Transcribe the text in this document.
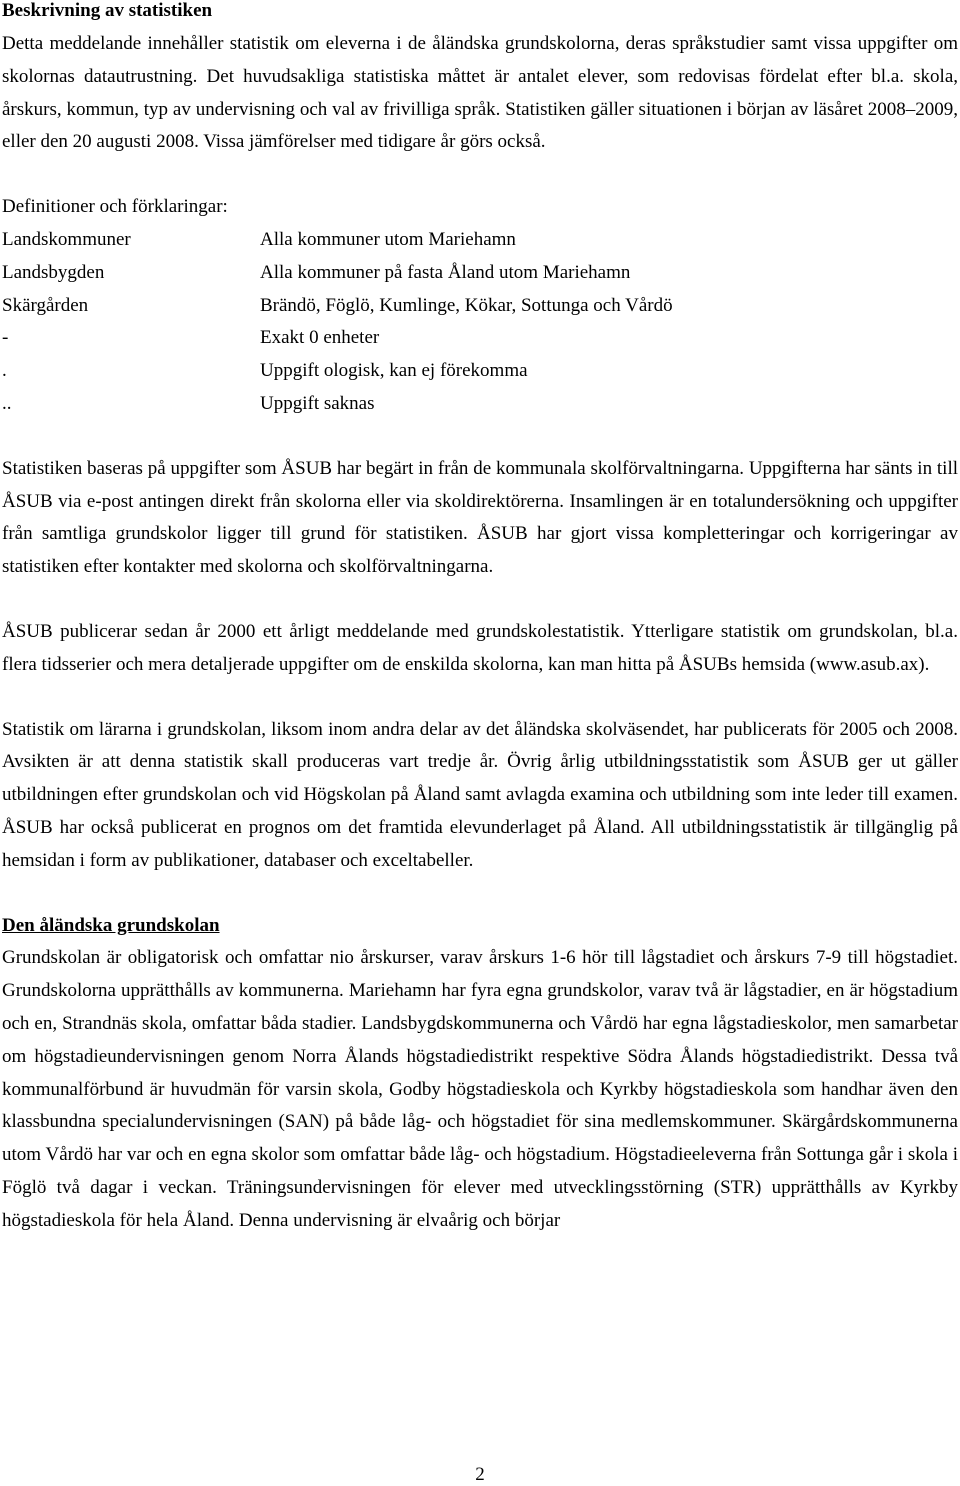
Beskrivning av statistiken

Detta meddelande innehåller statistik om eleverna i de åländska grundskolorna, deras språkstudier samt vissa uppgifter om skolornas datautrustning. Det huvudsakliga statistiska måttet är antalet elever, som redovisas fördelat efter bl.a. skola, årskurs, kommun, typ av undervisning och val av frivilliga språk. Statistiken gäller situationen i början av läsåret 2008–2009, eller den 20 augusti 2008. Vissa jämförelser med tidigare år görs också.

Definitioner och förklaringar:

Landskommuner	Alla kommuner utom Mariehamn
Landsbygden	Alla kommuner på fasta Åland utom Mariehamn
Skärgården	Brändö, Föglö, Kumlinge, Kökar, Sottunga och Vårdö
-	Exakt 0 enheter
.	Uppgift ologisk, kan ej förekomma
..	Uppgift saknas

Statistiken baseras på uppgifter som ÅSUB har begärt in från de kommunala skolförvaltningarna. Uppgifterna har sänts in till ÅSUB via e-post antingen direkt från skolorna eller via skoldirektörerna. Insamlingen är en totalundersökning och uppgifter från samtliga grundskolor ligger till grund för statistiken. ÅSUB har gjort vissa kompletteringar och korrigeringar av statistiken efter kontakter med skolorna och skolförvaltningarna.

ÅSUB publicerar sedan år 2000 ett årligt meddelande med grundskolestatistik. Ytterligare statistik om grundskolan, bl.a. flera tidsserier och mera detaljerade uppgifter om de enskilda skolorna, kan man hitta på ÅSUBs hemsida (www.asub.ax).

Statistik om lärarna i grundskolan, liksom inom andra delar av det åländska skolväsendet, har publicerats för 2005 och 2008. Avsikten är att denna statistik skall produceras vart tredje år. Övrig årlig utbildningsstatistik som ÅSUB ger ut gäller utbildningen efter grundskolan och vid Högskolan på Åland samt avlagda examina och utbildning som inte leder till examen. ÅSUB har också publicerat en prognos om det framtida elevunderlaget på Åland. All utbildningsstatistik är tillgänglig på hemsidan i form av publikationer, databaser och exceltabeller.

Den åländska grundskolan

Grundskolan är obligatorisk och omfattar nio årskurser, varav årskurs 1-6 hör till lågstadiet och årskurs 7-9 till högstadiet. Grundskolorna upprätthålls av kommunerna. Mariehamn har fyra egna grundskolor, varav två är lågstadier, en är högstadium och en, Strandnäs skola, omfattar båda stadier. Landsbygdskommunerna och Vårdö har egna lågstadieskolor, men samarbetar om högstadieundervisningen genom Norra Ålands högstadiedistrikt respektive Södra Ålands högstadiedistrikt. Dessa två kommunalförbund är huvudmän för varsin skola, Godby högstadieskola och Kyrkby högstadieskola som handhar även den klassbundna specialundervisningen (SAN) på både låg- och högstadiet för sina medlemskommuner. Skärgårdskommunerna utom Vårdö har var och en egna skolor som omfattar både låg- och högstadium. Högstadieeleverna från Sottunga går i skola i Föglö två dagar i veckan. Träningsundervisningen för elever med utvecklingsstörning (STR) upprätthålls av Kyrkby högstadieskola för hela Åland. Denna undervisning är elvaårig och börjar

2
